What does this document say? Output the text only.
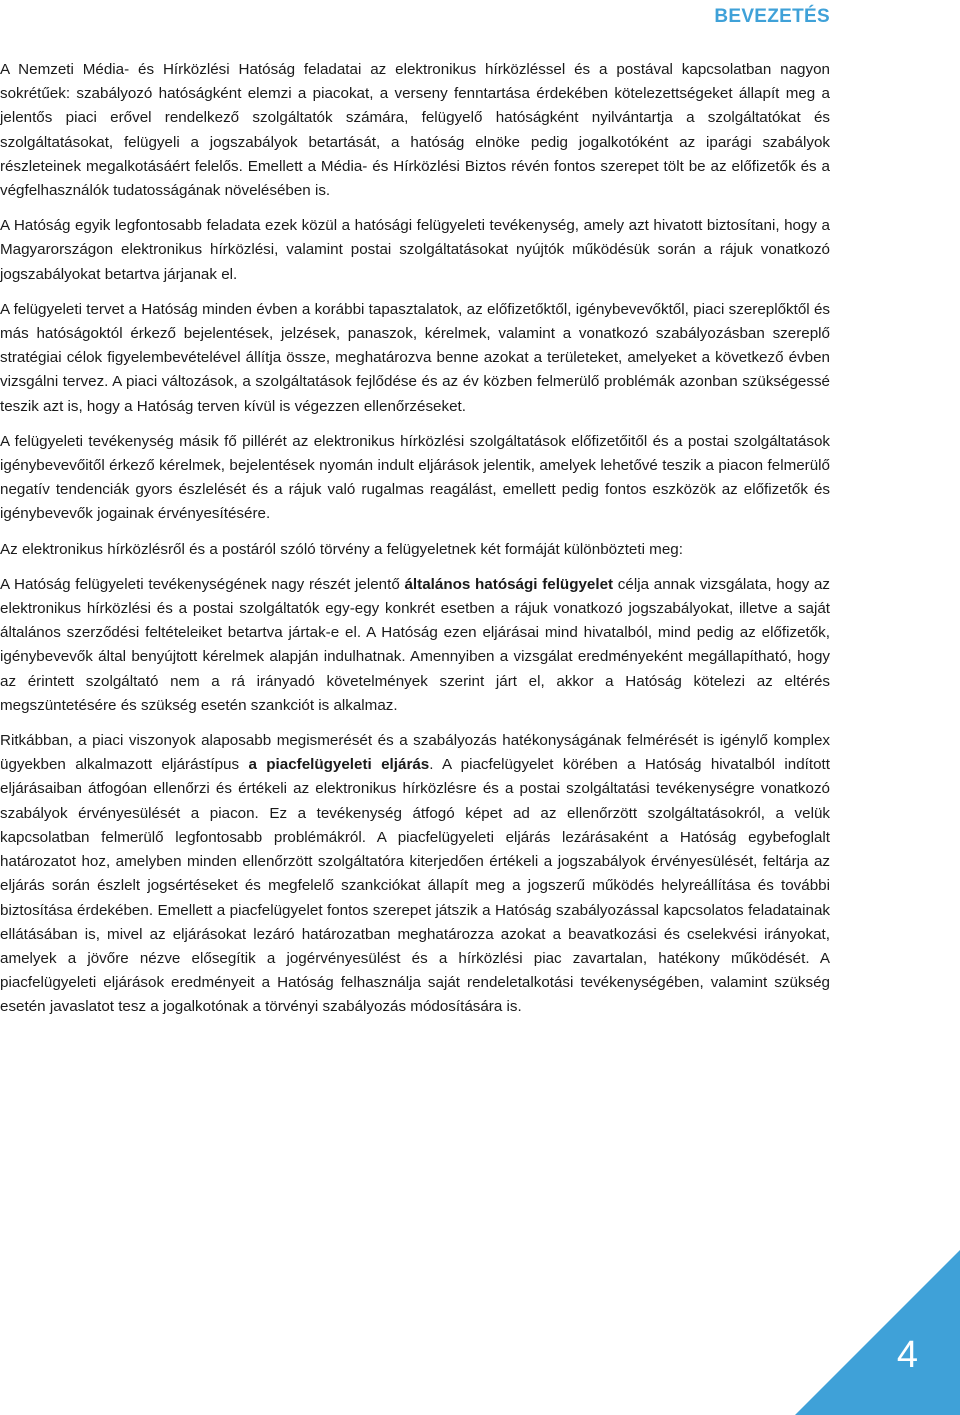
BEVEZETÉS

A Nemzeti Média- és Hírközlési Hatóság feladatai az elektronikus hírközléssel és a postával kapcsolatban nagyon sokrétűek: szabályozó hatóságként elemzi a piacokat, a verseny fenntartása érdekében kötelezettségeket állapít meg a jelentős piaci erővel rendelkező szolgáltatók számára, felügyelő hatóságként nyilvántartja a szolgáltatókat és szolgáltatásokat, felügyeli a jogszabályok betartását, a hatóság elnöke pedig jogalkotóként az iparági szabályok részleteinek megalkotásáért felelős. Emellett a Média- és Hírközlési Biztos révén fontos szerepet tölt be az előfizetők és a végfelhasználók tudatosságának növelésében is.

A Hatóság egyik legfontosabb feladata ezek közül a hatósági felügyeleti tevékenység, amely azt hivatott biztosítani, hogy a Magyarországon elektronikus hírközlési, valamint postai szolgáltatásokat nyújtók működésük során a rájuk vonatkozó jogszabályokat betartva járjanak el.

A felügyeleti tervet a Hatóság minden évben a korábbi tapasztalatok, az előfizetőktől, igénybevevőktől, piaci szereplőktől és más hatóságoktól érkező bejelentések, jelzések, panaszok, kérelmek, valamint a vonatkozó szabályozásban szereplő stratégiai célok figyelembevételével állítja össze, meghatározva benne azokat a területeket, amelyeket a következő évben vizsgálni tervez. A piaci változások, a szolgáltatások fejlődése és az év közben felmerülő problémák azonban szükségessé teszik azt is, hogy a Hatóság terven kívül is végezzen ellenőrzéseket.

A felügyeleti tevékenység másik fő pillérét az elektronikus hírközlési szolgáltatások előfizetőitől és a postai szolgáltatások igénybevevőitől érkező kérelmek, bejelentések nyomán indult eljárások jelentik, amelyek lehetővé teszik a piacon felmerülő negatív tendenciák gyors észlelését és a rájuk való rugalmas reagálást, emellett pedig fontos eszközök az előfizetők és igénybevevők jogainak érvényesítésére.

Az elektronikus hírközlésről és a postáról szóló törvény a felügyeletnek két formáját különbözteti meg:

A Hatóság felügyeleti tevékenységének nagy részét jelentő általános hatósági felügyelet célja annak vizsgálata, hogy az elektronikus hírközlési és a postai szolgáltatók egy-egy konkrét esetben a rájuk vonatkozó jogszabályokat, illetve a saját általános szerződési feltételeiket betartva jártak-e el. A Hatóság ezen eljárásai mind hivatalból, mind pedig az előfizetők, igénybevevők által benyújtott kérelmek alapján indulhatnak. Amennyiben a vizsgálat eredményeként megállapítható, hogy az érintett szolgáltató nem a rá irányadó követelmények szerint járt el, akkor a Hatóság kötelezi az eltérés megszüntetésére és szükség esetén szankciót is alkalmaz.

Ritkábban, a piaci viszonyok alaposabb megismerését és a szabályozás hatékonyságának felmérését is igénylő komplex ügyekben alkalmazott eljárástípus a piacfelügyeleti eljárás. A piacfelügyelet körében a Hatóság hivatalból indított eljárásaiban átfogóan ellenőrzi és értékeli az elektronikus hírközlésre és a postai szolgáltatási tevékenységre vonatkozó szabályok érvényesülését a piacon. Ez a tevékenység átfogó képet ad az ellenőrzött szolgáltatásokról, a velük kapcsolatban felmerülő legfontosabb problémákról. A piacfelügyeleti eljárás lezárásaként a Hatóság egybefoglalt határozatot hoz, amelyben minden ellenőrzött szolgáltatóra kiterjedően értékeli a jogszabályok érvényesülését, feltárja az eljárás során észlelt jogsértéseket és megfelelő szankciókat állapít meg a jogszerű működés helyreállítása és további biztosítása érdekében. Emellett a piacfelügyelet fontos szerepet játszik a Hatóság szabályozással kapcsolatos feladatainak ellátásában is, mivel az eljárásokat lezáró határozatban meghatározza azokat a beavatkozási és cselekvési irányokat, amelyek a jövőre nézve elősegítik a jogérvényesülést és a hírközlési piac zavartalan, hatékony működését. A piacfelügyeleti eljárások eredményeit a Hatóság felhasználja saját rendeletalkotási tevékenységében, valamint szükség esetén javaslatot tesz a jogalkotónak a törvényi szabályozás módosítására is.

4
